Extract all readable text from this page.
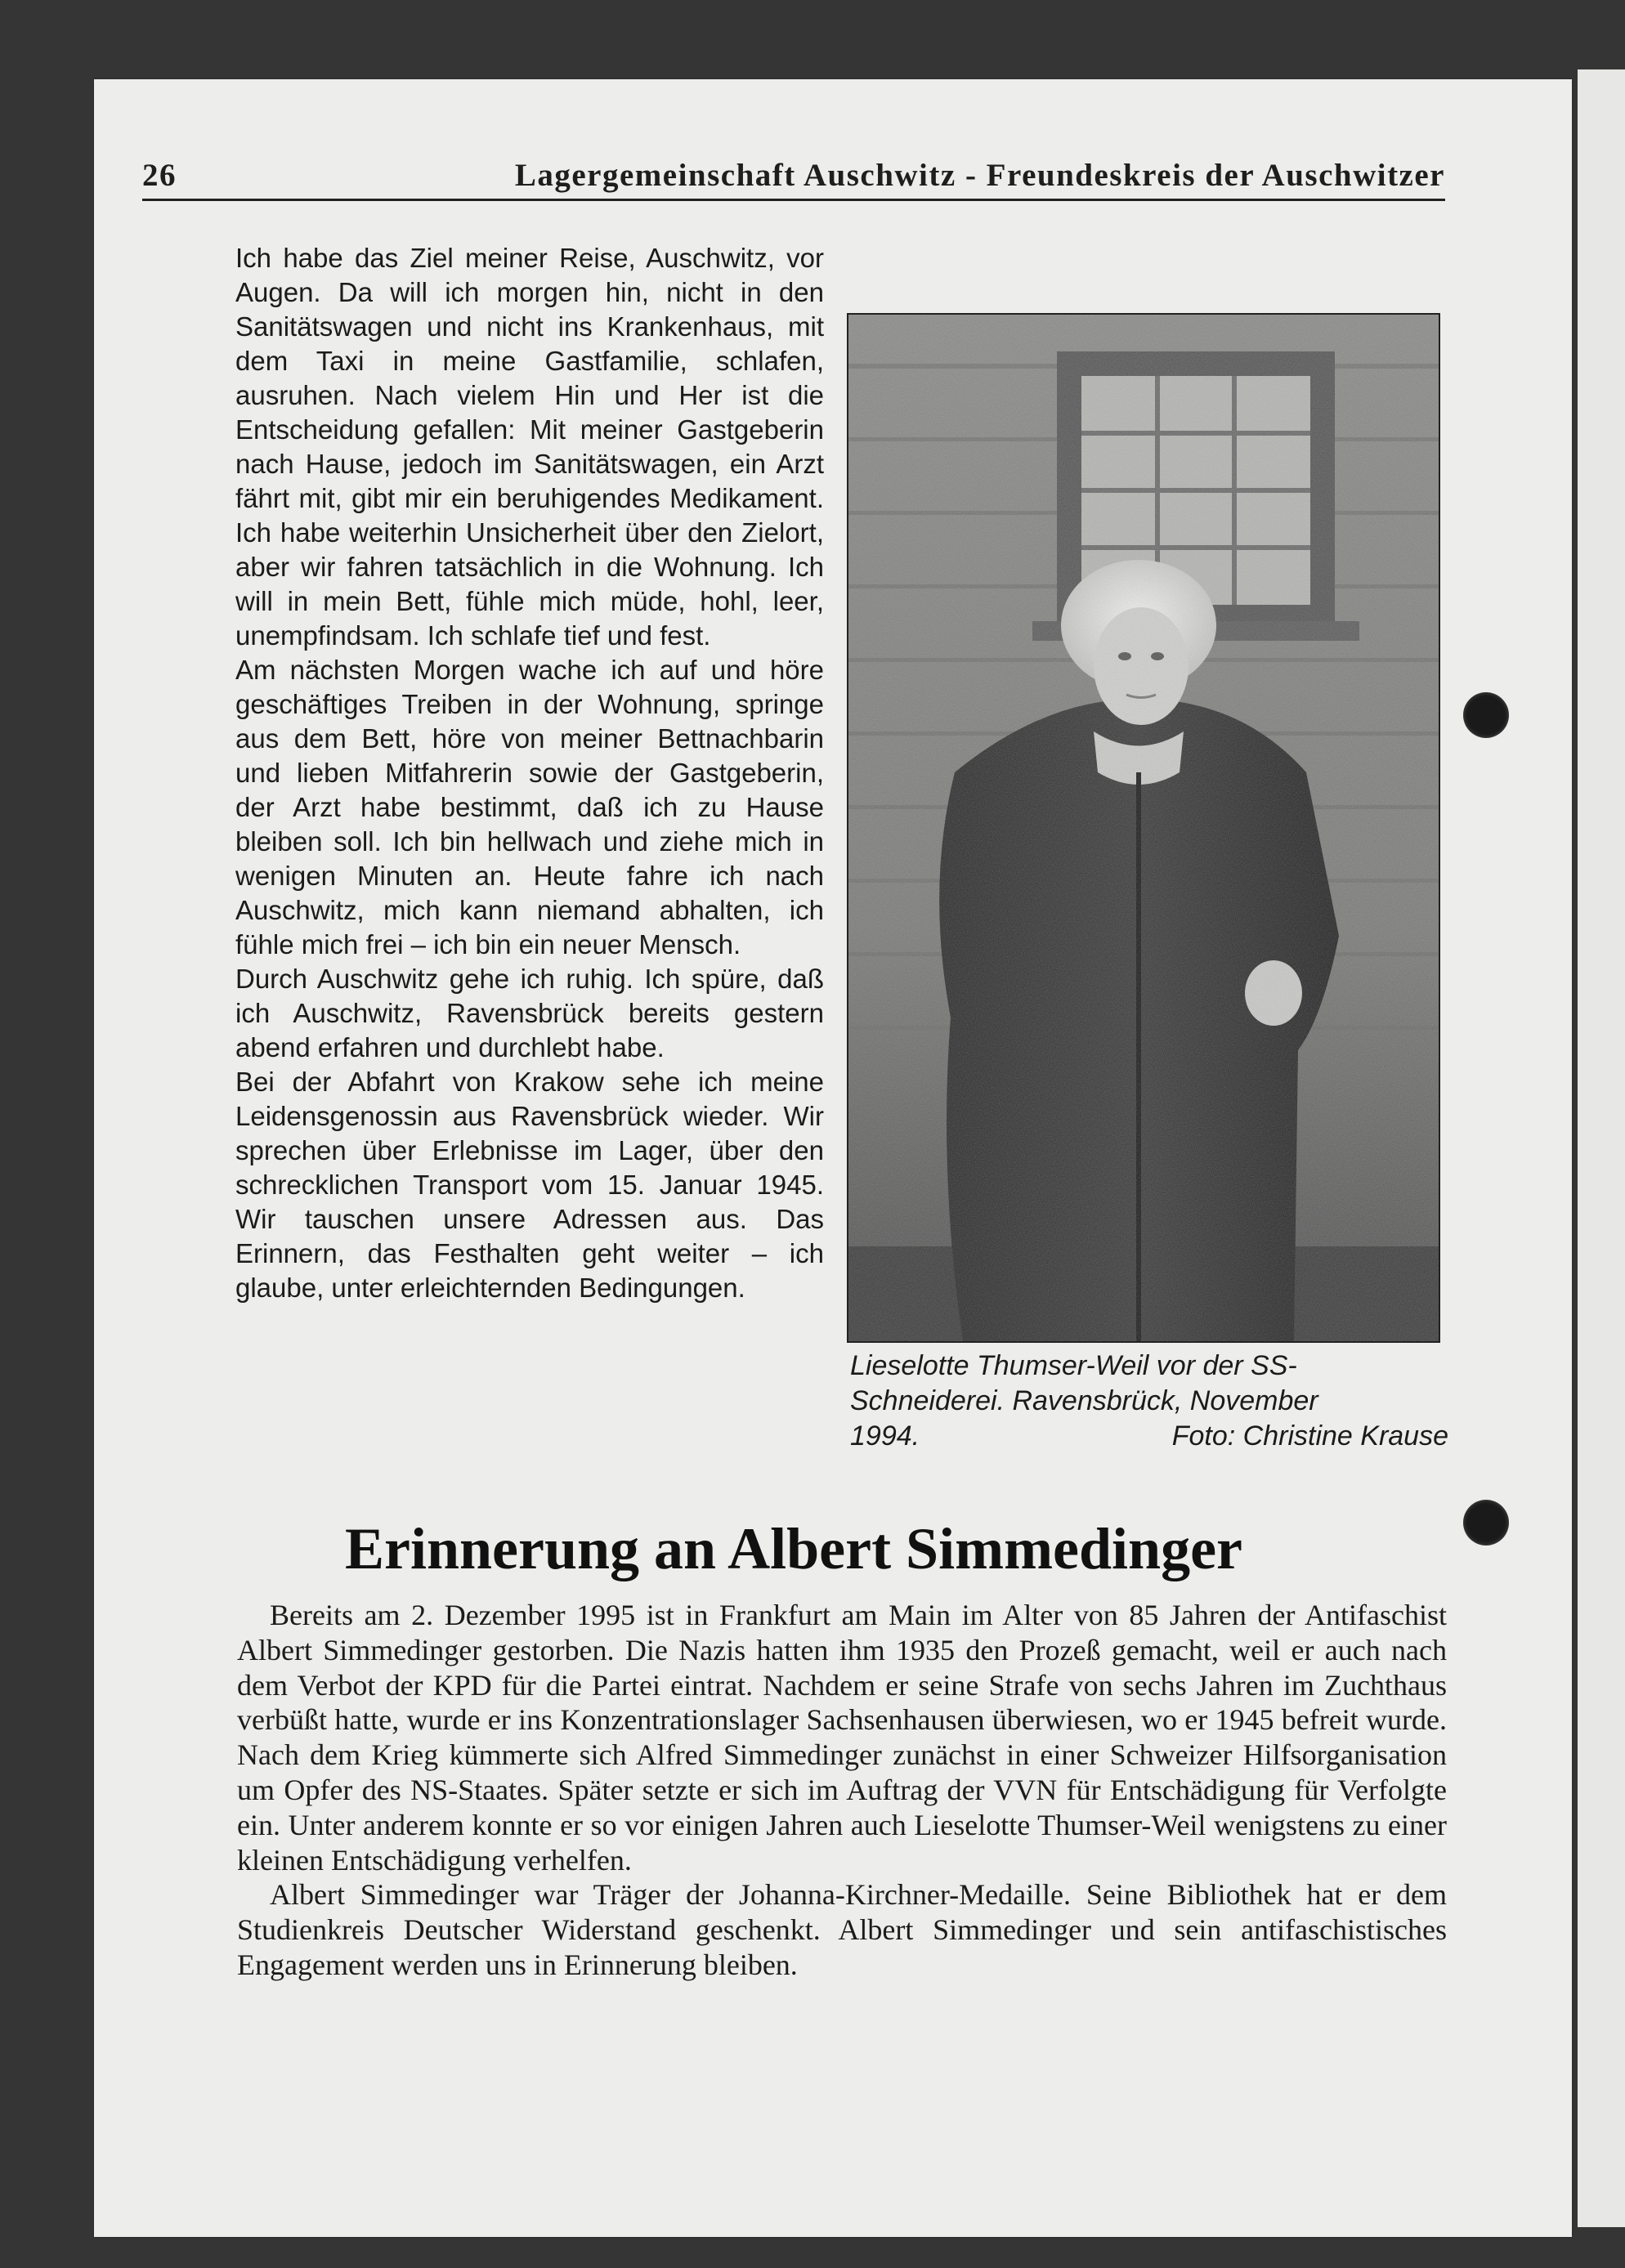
26	Lagergemeinschaft Auschwitz - Freundeskreis der Auschwitzer

Ich habe das Ziel meiner Reise, Auschwitz, vor Augen. Da will ich morgen hin, nicht in den Sanitätswagen und nicht ins Krankenhaus, mit dem Taxi in meine Gastfamilie, schlafen, ausruhen. Nach vielem Hin und Her ist die Entscheidung gefallen: Mit meiner Gastgeberin nach Hause, jedoch im Sanitätswagen, ein Arzt fährt mit, gibt mir ein beruhigendes Medikament. Ich habe weiterhin Unsicherheit über den Zielort, aber wir fahren tatsächlich in die Wohnung. Ich will in mein Bett, fühle mich müde, hohl, leer, unempfindsam. Ich schlafe tief und fest.

Am nächsten Morgen wache ich auf und höre geschäftiges Treiben in der Wohnung, springe aus dem Bett, höre von meiner Bettnachbarin und lieben Mitfahrerin sowie der Gastgeberin, der Arzt habe bestimmt, daß ich zu Hause bleiben soll. Ich bin hellwach und ziehe mich in wenigen Minuten an. Heute fahre ich nach Auschwitz, mich kann niemand abhalten, ich fühle mich frei – ich bin ein neuer Mensch.

Durch Auschwitz gehe ich ruhig. Ich spüre, daß ich Auschwitz, Ravensbrück bereits gestern abend erfahren und durchlebt habe.

Bei der Abfahrt von Krakow sehe ich meine Leidensgenossin aus Ravensbrück wieder. Wir sprechen über Erlebnisse im Lager, über den schrecklichen Transport vom 15. Januar 1945. Wir tauschen unsere Adressen aus. Das Erinnern, das Festhalten geht weiter – ich glaube, unter erleichternden Bedingungen.

Lieselotte Thumser-Weil vor der SS-
Schneiderei. Ravensbrück, November
1994.	Foto: Christine Krause
Erinnerung an Albert Simmedinger

Bereits am 2. Dezember 1995 ist in Frankfurt am Main im Alter von 85 Jahren der Antifaschist Albert Simmedinger gestorben. Die Nazis hatten ihm 1935 den Prozeß gemacht, weil er auch nach dem Verbot der KPD für die Partei eintrat. Nachdem er seine Strafe von sechs Jahren im Zuchthaus verbüßt hatte, wurde er ins Konzentrationslager Sachsenhausen überwiesen, wo er 1945 befreit wurde. Nach dem Krieg kümmerte sich Alfred Simmedinger zunächst in einer Schweizer Hilfsorganisation um Opfer des NS-Staates. Später setzte er sich im Auftrag der VVN für Entschädigung für Verfolgte ein. Unter anderem konnte er so vor einigen Jahren auch Lieselotte Thumser-Weil wenigstens zu einer kleinen Entschädigung verhelfen.

Albert Simmedinger war Träger der Johanna-Kirchner-Medaille. Seine Bibliothek hat er dem Studienkreis Deutscher Widerstand geschenkt. Albert Simmedinger und sein antifaschistisches Engagement werden uns in Erinnerung bleiben.
